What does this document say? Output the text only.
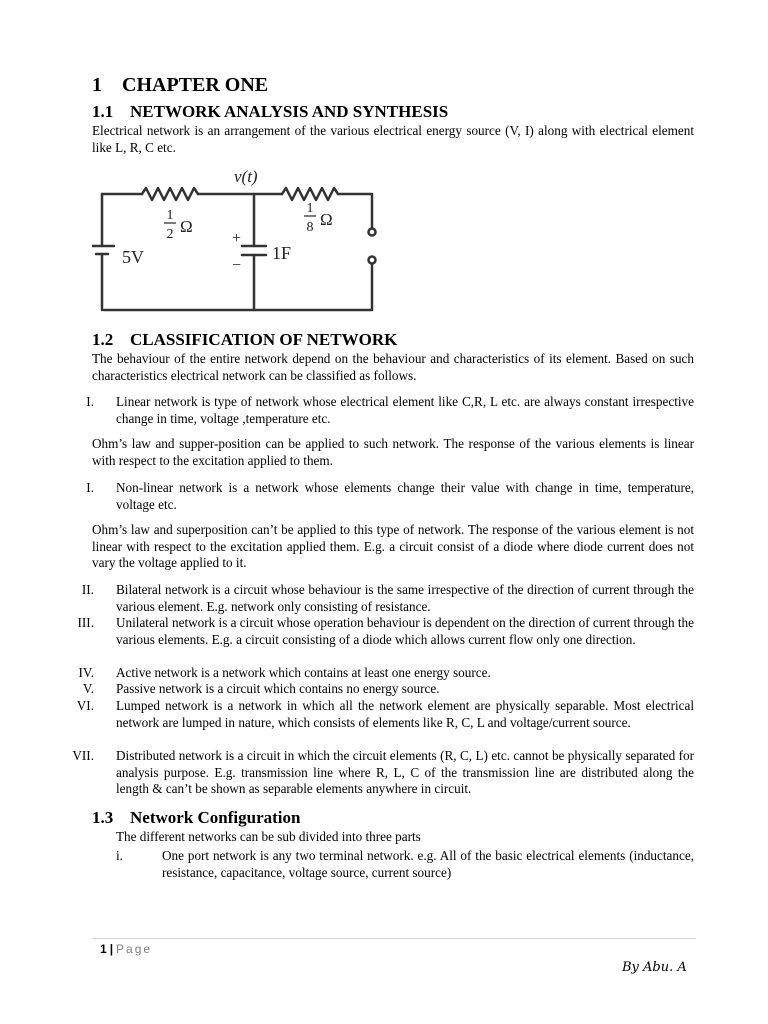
1 CHAPTER ONE
1.1 NETWORK ANALYSIS AND SYNTHESIS
Electrical network is an arrangement of the various electrical energy source (V, I) along with electrical element like L, R, C etc.
v(t)
1
2 Ω
1
8 Ω
5V
+
−
1F
1.2 CLASSIFICATION OF NETWORK
The behaviour of the entire network depend on the behaviour and characteristics of its element. Based on such characteristics electrical network can be classified as follows.
I. Linear network is type of network whose electrical element like C,R, L etc. are always constant irrespective change in time, voltage ,temperature etc.
Ohm’s law and supper-position can be applied to such network. The response of the various elements is linear with respect to the excitation applied to them.
I. Non-linear network is a network whose elements change their value with change in time, temperature, voltage etc.
Ohm’s law and superposition can’t be applied to this type of network. The response of the various element is not linear with respect to the excitation applied them. E.g. a circuit consist of a diode where diode current does not vary the voltage applied to it.
II. Bilateral network is a circuit whose behaviour is the same irrespective of the direction of current through the various element. E.g. network only consisting of resistance.
III. Unilateral network is a circuit whose operation behaviour is dependent on the direction of current through the various elements. E.g. a circuit consisting of a diode which allows current flow only one direction.
IV. Active network is a network which contains at least one energy source.
V. Passive network is a circuit which contains no energy source.
VI. Lumped network is a network in which all the network element are physically separable. Most electrical network are lumped in nature, which consists of elements like R, C, L and voltage/current source.
VII. Distributed network is a circuit in which the circuit elements (R, C, L) etc. cannot be physically separated for analysis purpose. E.g. transmission line where R, L, C of the transmission line are distributed along the length & can’t be shown as separable elements anywhere in circuit.
1.3 Network Configuration
The different networks can be sub divided into three parts
i.	One port network is any two terminal network. e.g. All of the basic electrical elements (inductance, resistance, capacitance, voltage source, current source)
1 | Page
By Abu. A
